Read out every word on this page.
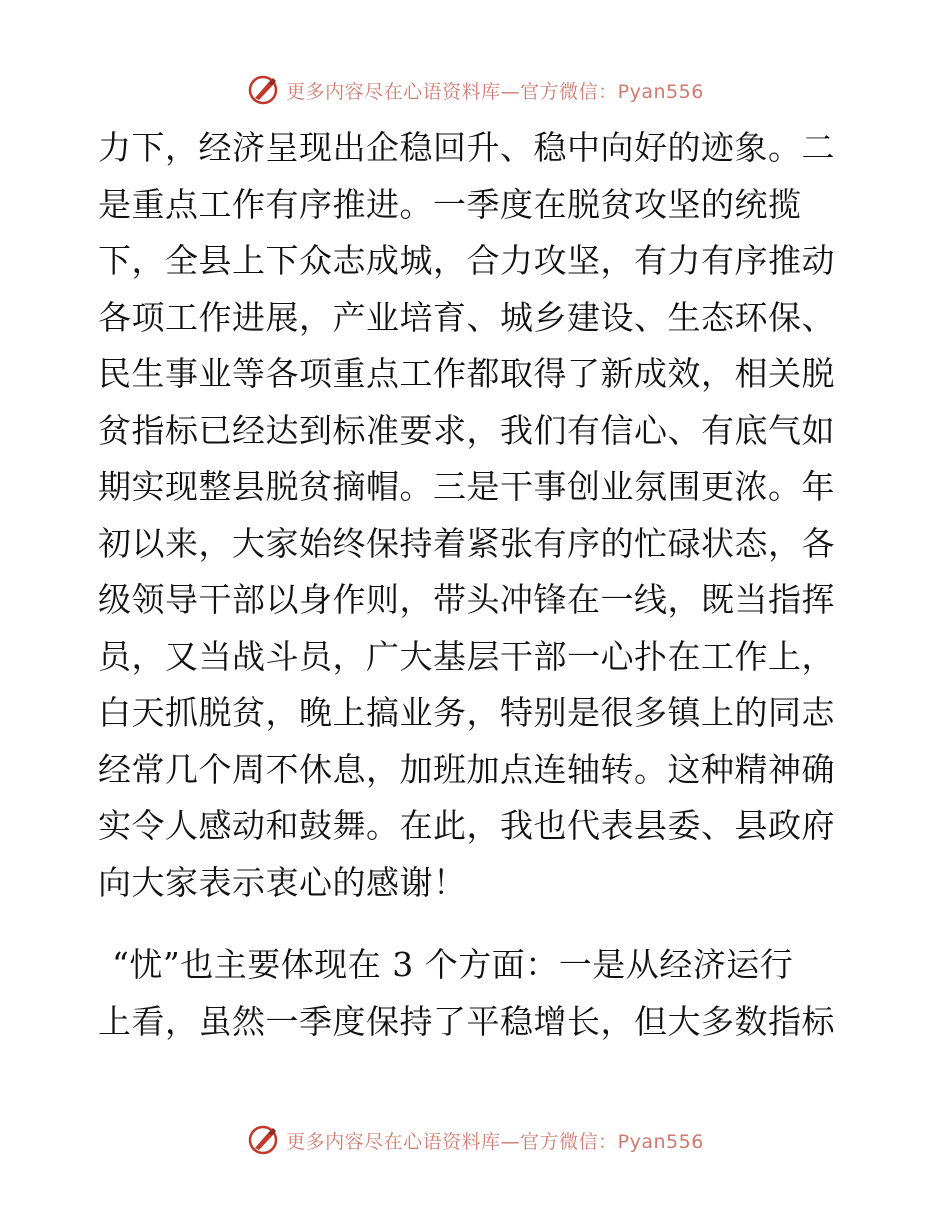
更多内容尽在心语资料库—官方微信：Pyan556
力下，经济呈现出企稳回升、稳中向好的迹象。二
是重点工作有序推进。一季度在脱贫攻坚的统揽
下，全县上下众志成城，合力攻坚，有力有序推动
各项工作进展，产业培育、城乡建设、生态环保、
民生事业等各项重点工作都取得了新成效，相关脱
贫指标已经达到标准要求，我们有信心、有底气如
期实现整县脱贫摘帽。三是干事创业氛围更浓。年
初以来，大家始终保持着紧张有序的忙碌状态，各
级领导干部以身作则，带头冲锋在一线，既当指挥
员，又当战斗员，广大基层干部一心扑在工作上，
白天抓脱贫，晚上搞业务，特别是很多镇上的同志
经常几个周不休息，加班加点连轴转。这种精神确
实令人感动和鼓舞。在此，我也代表县委、县政府
向大家表示衷心的感谢！
“忧”也主要体现在 3 个方面：一是从经济运行
上看，虽然一季度保持了平稳增长，但大多数指标
更多内容尽在心语资料库—官方微信：Pyan556
